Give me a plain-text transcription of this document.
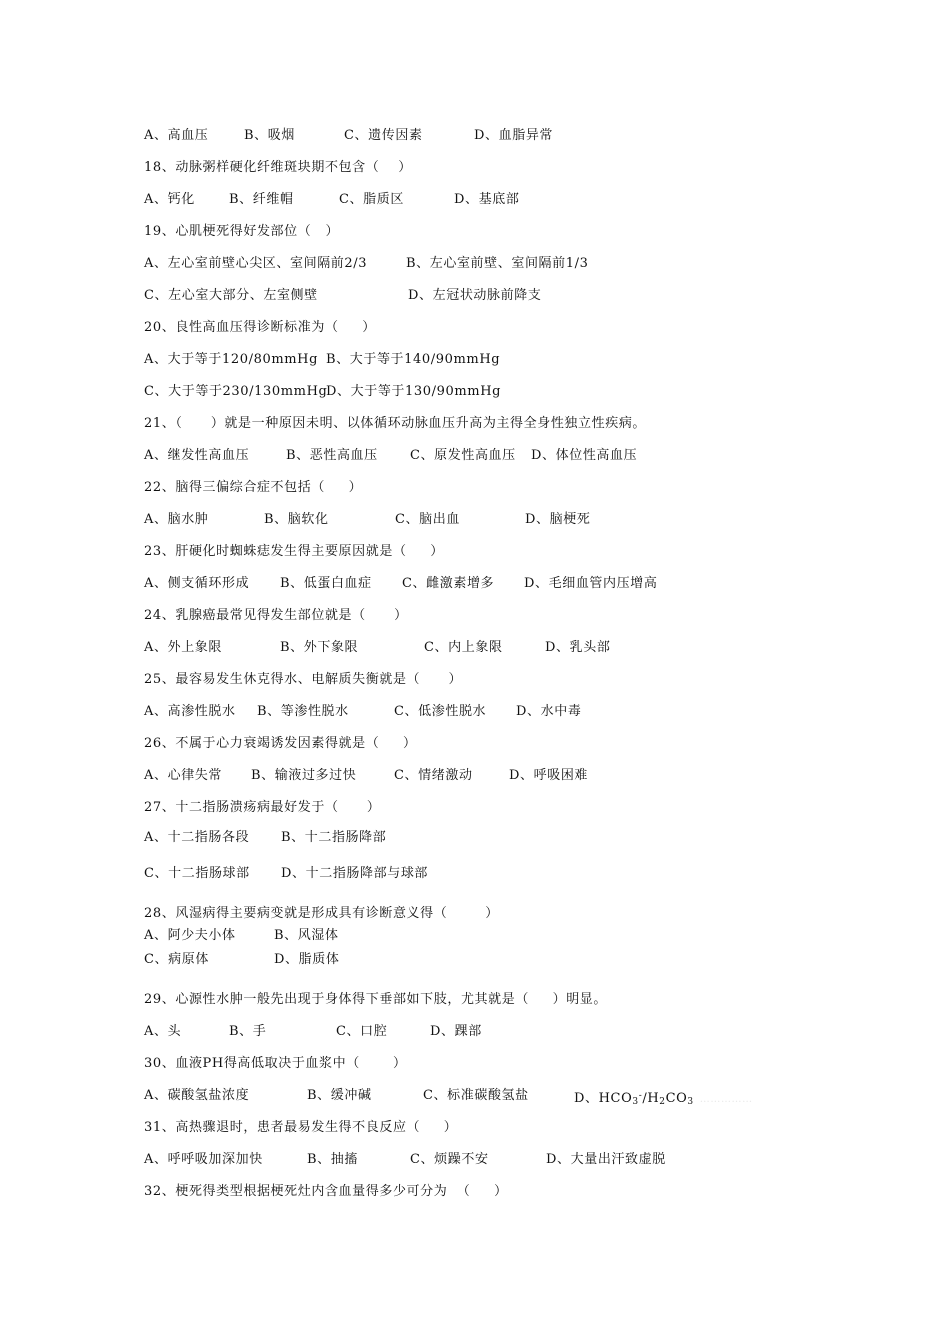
A、高血压	B、吸烟	C、遗传因素	D、血脂异常
18、动脉粥样硬化纤维斑块期不包含（    ）
A、钙化	B、纤维帽	C、脂质区	D、基底部
19、心肌梗死得好发部位（   ）
A、左心室前壁心尖区、室间隔前2/3	B、左心室前壁、室间隔前1/3
C、左心室大部分、左室侧壁	D、左冠状动脉前降支
20、良性高血压得诊断标准为（     ）
A、大于等于120/80mmHg B、大于等于140/90mmHg
C、大于等于230/130mmHg
D、大于等于130/90mmHg
21、（      ）就是一种原因未明、以体循环动脉血压升高为主得全身性独立性疾病。
A、继发性高血压	B、恶性高血压 C、原发性高血压 D、体位性高血压
22、脑得三偏综合症不包括（     ）
A、脑水肿	B、脑软化	C、脑出血	D、脑梗死
23、肝硬化时蜘蛛痣发生得主要原因就是（     ）
A、侧支循环形成 B、低蛋白血症 C、雌激素增多 D、毛细血管内压增高
24、乳腺癌最常见得发生部位就是（      ）
A、外上象限	B、外下象限	C、内上象限	D、乳头部
25、最容易发生休克得水、电解质失衡就是（      ）
A、高渗性脱水 B、等渗性脱水	C、低渗性脱水 D、水中毒
26、不属于心力衰竭诱发因素得就是（     ）
A、心律失常 B、输液过多过快	C、情绪激动	D、呼吸困难
27、十二指肠溃疡病最好发于（      ）
A、十二指肠各段 B、十二指肠降部
C、十二指肠球部 D、十二指肠降部与球部
28、风湿病得主要病变就是形成具有诊断意义得（        ）
A、阿少夫小体	B、风湿体
C、病原体	D、脂质体
29、心源性水肿一般先出现于身体得下垂部如下肢，尤其就是（     ）明显。
A、头	B、手	C、口腔	D、踝部
30、血液PH得高低取决于血浆中（       ）
A、碳酸氢盐浓度	B、缓冲碱	C、标准碳酸氢盐	D、$HCO_3^-/H_2CO_3$ ……………
31、高热骤退时，患者最易发生得不良反应（     ）
A、呼呼吸加深加快	B、抽搐	C、烦躁不安	D、大量出汗致虚脱
32、梗死得类型根据梗死灶内含血量得多少可分为  （     ）
